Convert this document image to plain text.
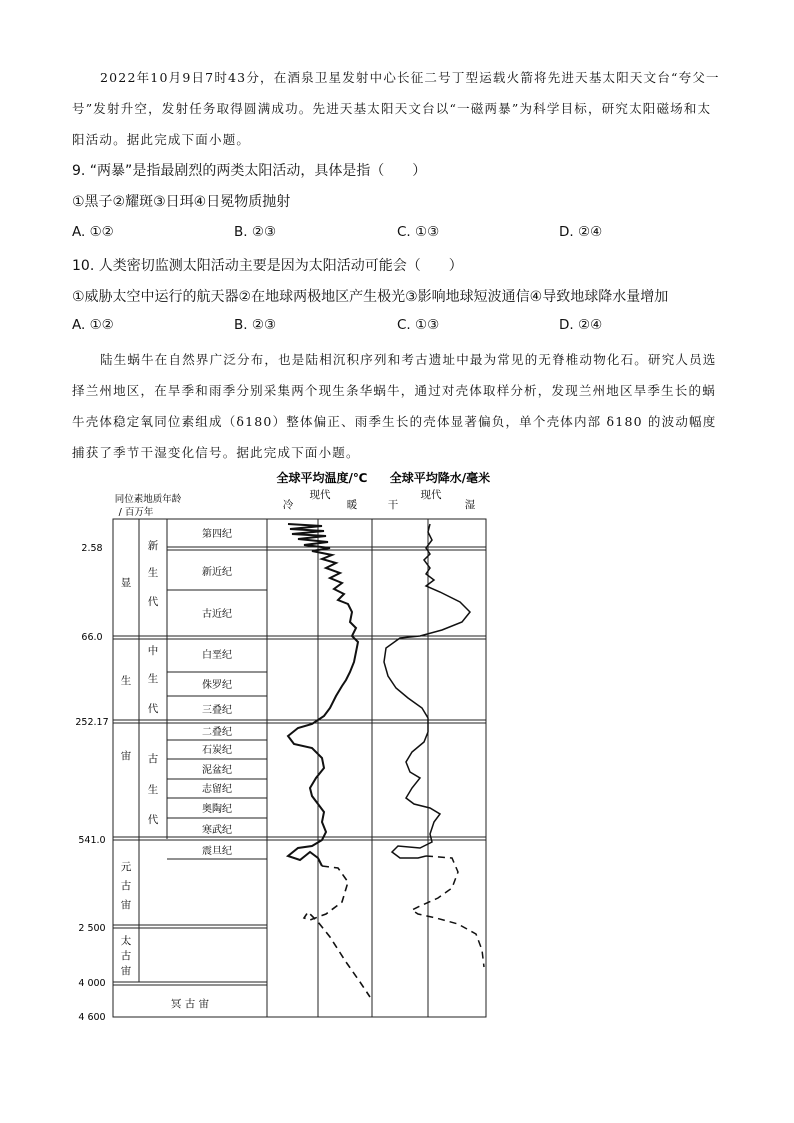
2022年10月9日7时43分，在酒泉卫星发射中心长征二号丁型运载火箭将先进天基太阳天文台“夸父一号”发射升空，发射任务取得圆满成功。先进天基太阳天文台以“一磁两暴”为科学目标，研究太阳磁场和太阳活动。据此完成下面小题。

9. “两暴”是指最剧烈的两类太阳活动，具体是指（　　）

①黑子②耀斑③日珥④日冕物质抛射

A. ①②	B. ②③	C. ①③	D. ②④

10. 人类密切监测太阳活动主要是因为太阳活动可能会（　　）

①威胁太空中运行的航天器②在地球两极地区产生极光③影响地球短波通信④导致地球降水量增加

A. ①②	B. ②③	C. ①③	D. ②④

陆生蜗牛在自然界广泛分布，也是陆相沉积序列和考古遗址中最为常见的无脊椎动物化石。研究人员选择兰州地区，在旱季和雨季分别采集两个现生条华蜗牛，通过对壳体取样分析，发现兰州地区旱季生长的蜗牛壳体稳定氧同位素组成（δ180）整体偏正、雨季生长的壳体显著偏负，单个壳体内部 δ180 的波动幅度捕获了季节干湿变化信号。据此完成下面小题。

全球平均温度/℃ 全球平均降水/毫米
现代	现代
冷	暖	干	湿
同位素地质年龄
/ 百万年
2.58
66.0
252.17
541.0
2 500
4 000
4 600
显
生
宙
元
古
宙
太
古
宙
冥 古 宙
新
生
代
中
生
代
古
生
代
第四纪
新近纪
古近纪
白垩纪
侏罗纪
三叠纪
二叠纪
石炭纪
泥盆纪
志留纪
奥陶纪
寒武纪
震旦纪
